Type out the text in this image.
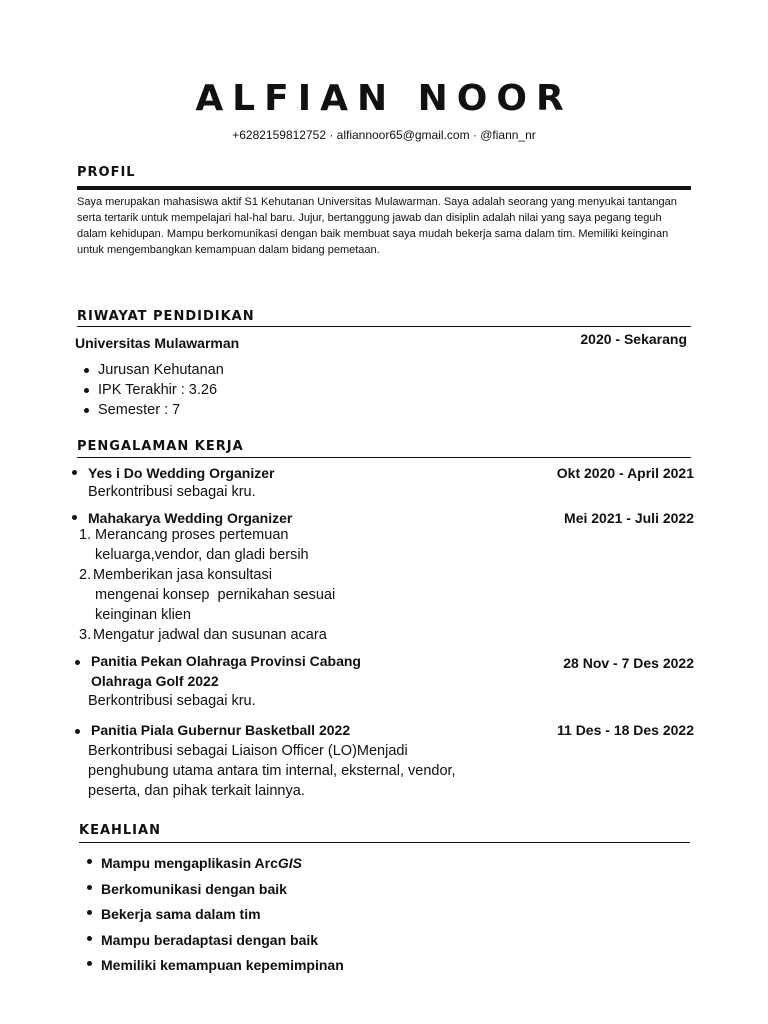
ALFIAN NOOR
+6282159812752 · alfiannoor65@gmail.com · @fiann_nr
PROFIL
Saya merupakan mahasiswa aktif S1 Kehutanan Universitas Mulawarman. Saya adalah seorang yang menyukai tantangan serta tertarik untuk mempelajari hal-hal baru. Jujur, bertanggung jawab dan disiplin adalah nilai yang saya pegang teguh dalam kehidupan. Mampu berkomunikasi dengan baik membuat saya mudah bekerja sama dalam tim. Memiliki keinginan untuk mengembangkan kemampuan dalam bidang pemetaan.
RIWAYAT PENDIDIKAN
Universitas Mulawarman	2020 - Sekarang
Jurusan Kehutanan
IPK Terakhir : 3.26
Semester : 7
PENGALAMAN KERJA
Yes i Do Wedding Organizer	Okt 2020 - April 2021
Berkontribusi sebagai kru.
Mahakarya Wedding Organizer	Mei 2021 - Juli 2022
1. Merancang proses pertemuan
keluarga,vendor, dan gladi bersih
2. Memberikan jasa konsultasi
mengenai konsep  pernikahan sesuai
keinginan klien
3. Mengatur jadwal dan susunan acara
Panitia Pekan Olahraga Provinsi Cabang
Olahraga Golf 2022
28 Nov - 7 Des 2022
Berkontribusi sebagai kru.
Panitia Piala Gubernur Basketball 2022	11 Des - 18 Des 2022
Berkontribusi sebagai Liaison Officer (LO)Menjadi
penghubung utama antara tim internal, eksternal, vendor,
peserta, dan pihak terkait lainnya.
KEAHLIAN
Mampu mengaplikasin ArcGIS
Berkomunikasi dengan baik
Bekerja sama dalam tim
Mampu beradaptasi dengan baik
Memiliki kemampuan kepemimpinan
